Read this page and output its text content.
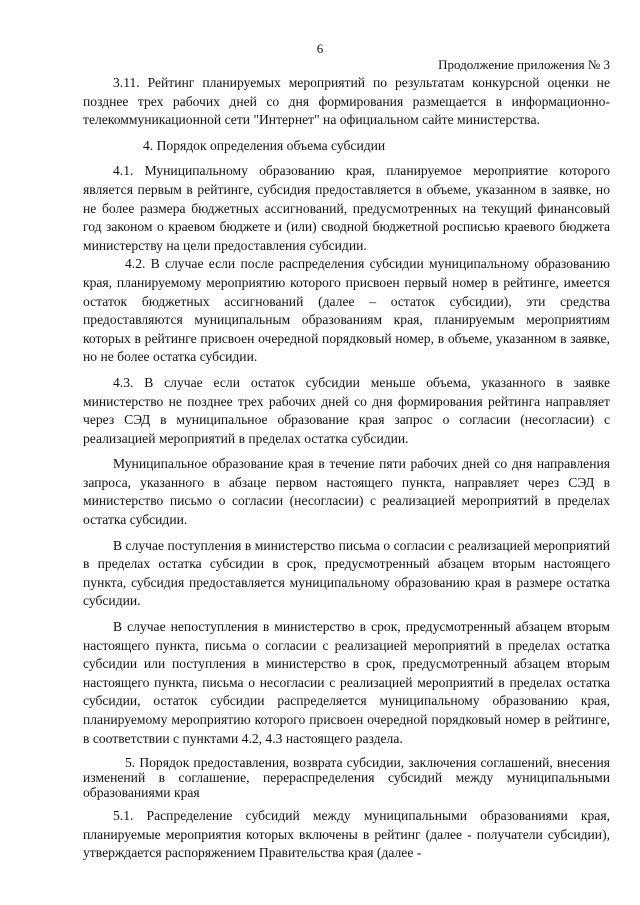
6
Продолжение приложения № 3

3.11. Рейтинг планируемых мероприятий по результатам конкурсной оценки не позднее трех рабочих дней со дня формирования размещается в информационно-телекоммуникационной сети "Интернет" на официальном сайте министерства.

4. Порядок определения объема субсидии

4.1. Муниципальному образованию края, планируемое мероприятие которого является первым в рейтинге, субсидия предоставляется в объеме, указанном в заявке, но не более размера бюджетных ассигнований, предусмотренных на текущий финансовый год законом о краевом бюджете и (или) сводной бюджетной росписью краевого бюджета министерству на цели предоставления субсидии.

4.2. В случае если после распределения субсидии муниципальному образованию края, планируемому мероприятию которого присвоен первый номер в рейтинге, имеется остаток бюджетных ассигнований (далее – остаток субсидии), эти средства предоставляются муниципальным образованиям края, планируемым мероприятиям которых в рейтинге присвоен очередной порядковый номер, в объеме, указанном в заявке, но не более остатка субсидии.

4.3. В случае если остаток субсидии меньше объема, указанного в заявке министерство не позднее трех рабочих дней со дня формирования рейтинга направляет через СЭД в муниципальное образование края запрос о согласии (несогласии) с реализацией мероприятий в пределах остатка субсидии.

Муниципальное образование края в течение пяти рабочих дней со дня направления запроса, указанного в абзаце первом настоящего пункта, направляет через СЭД в министерство письмо о согласии (несогласии) с реализацией мероприятий в пределах остатка субсидии.

В случае поступления в министерство письма о согласии с реализацией мероприятий в пределах остатка субсидии в срок, предусмотренный абзацем вторым настоящего пункта, субсидия предоставляется муниципальному образованию края в размере остатка субсидии.

В случае непоступления в министерство в срок, предусмотренный абзацем вторым настоящего пункта, письма о согласии с реализацией мероприятий в пределах остатка субсидии или поступления в министерство в срок, предусмотренный абзацем вторым настоящего пункта, письма о несогласии с реализацией мероприятий в пределах остатка субсидии, остаток субсидии распределяется муниципальному образованию края, планируемому мероприятию которого присвоен очередной порядковый номер в рейтинге, в соответствии с пунктами 4.2, 4.3 настоящего раздела.

5. Порядок предоставления, возврата субсидии, заключения соглашений, внесения изменений в соглашение, перераспределения субсидий между муниципальными образованиями края

5.1. Распределение субсидий между муниципальными образованиями края, планируемые мероприятия которых включены в рейтинг (далее - получатели субсидии), утверждается распоряжением Правительства края (далее -
